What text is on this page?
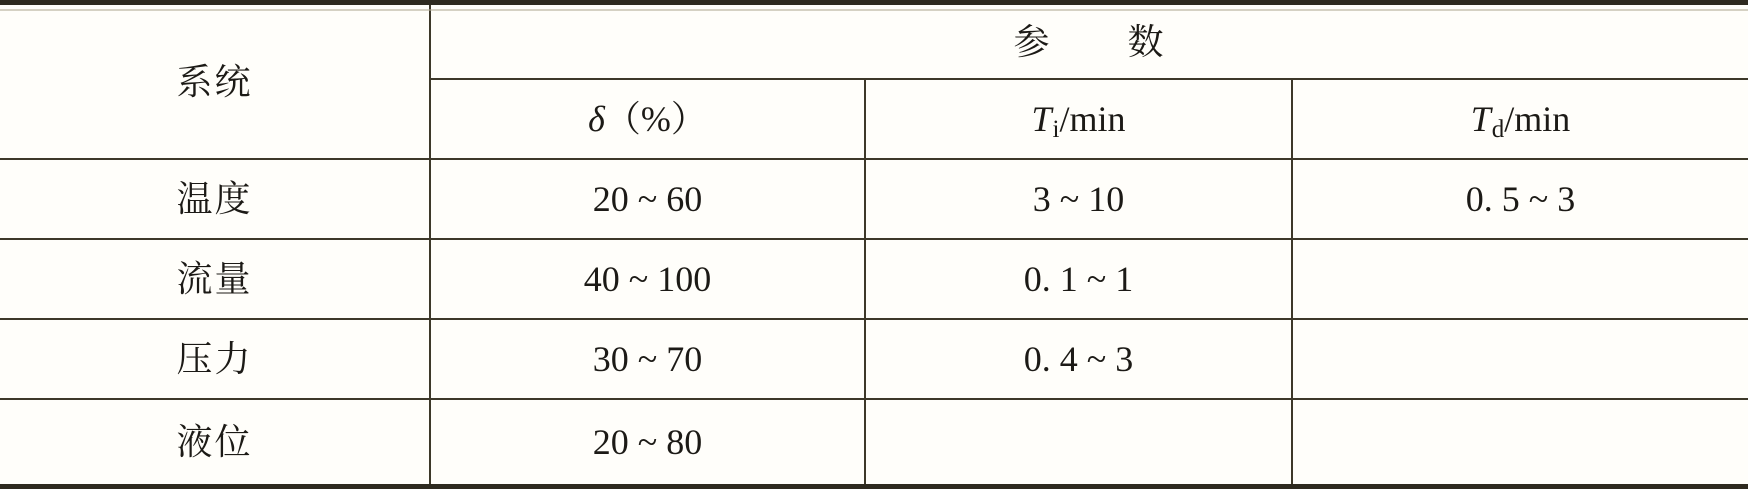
系统
参　　数
δ （%）	T i /min	T d /min
温度	20 ~ 60	3 ~ 10	0. 5 ~ 3
流量	40 ~ 100	0. 1 ~ 1
压力	30 ~ 70	0. 4 ~ 3
液位	20 ~ 80
